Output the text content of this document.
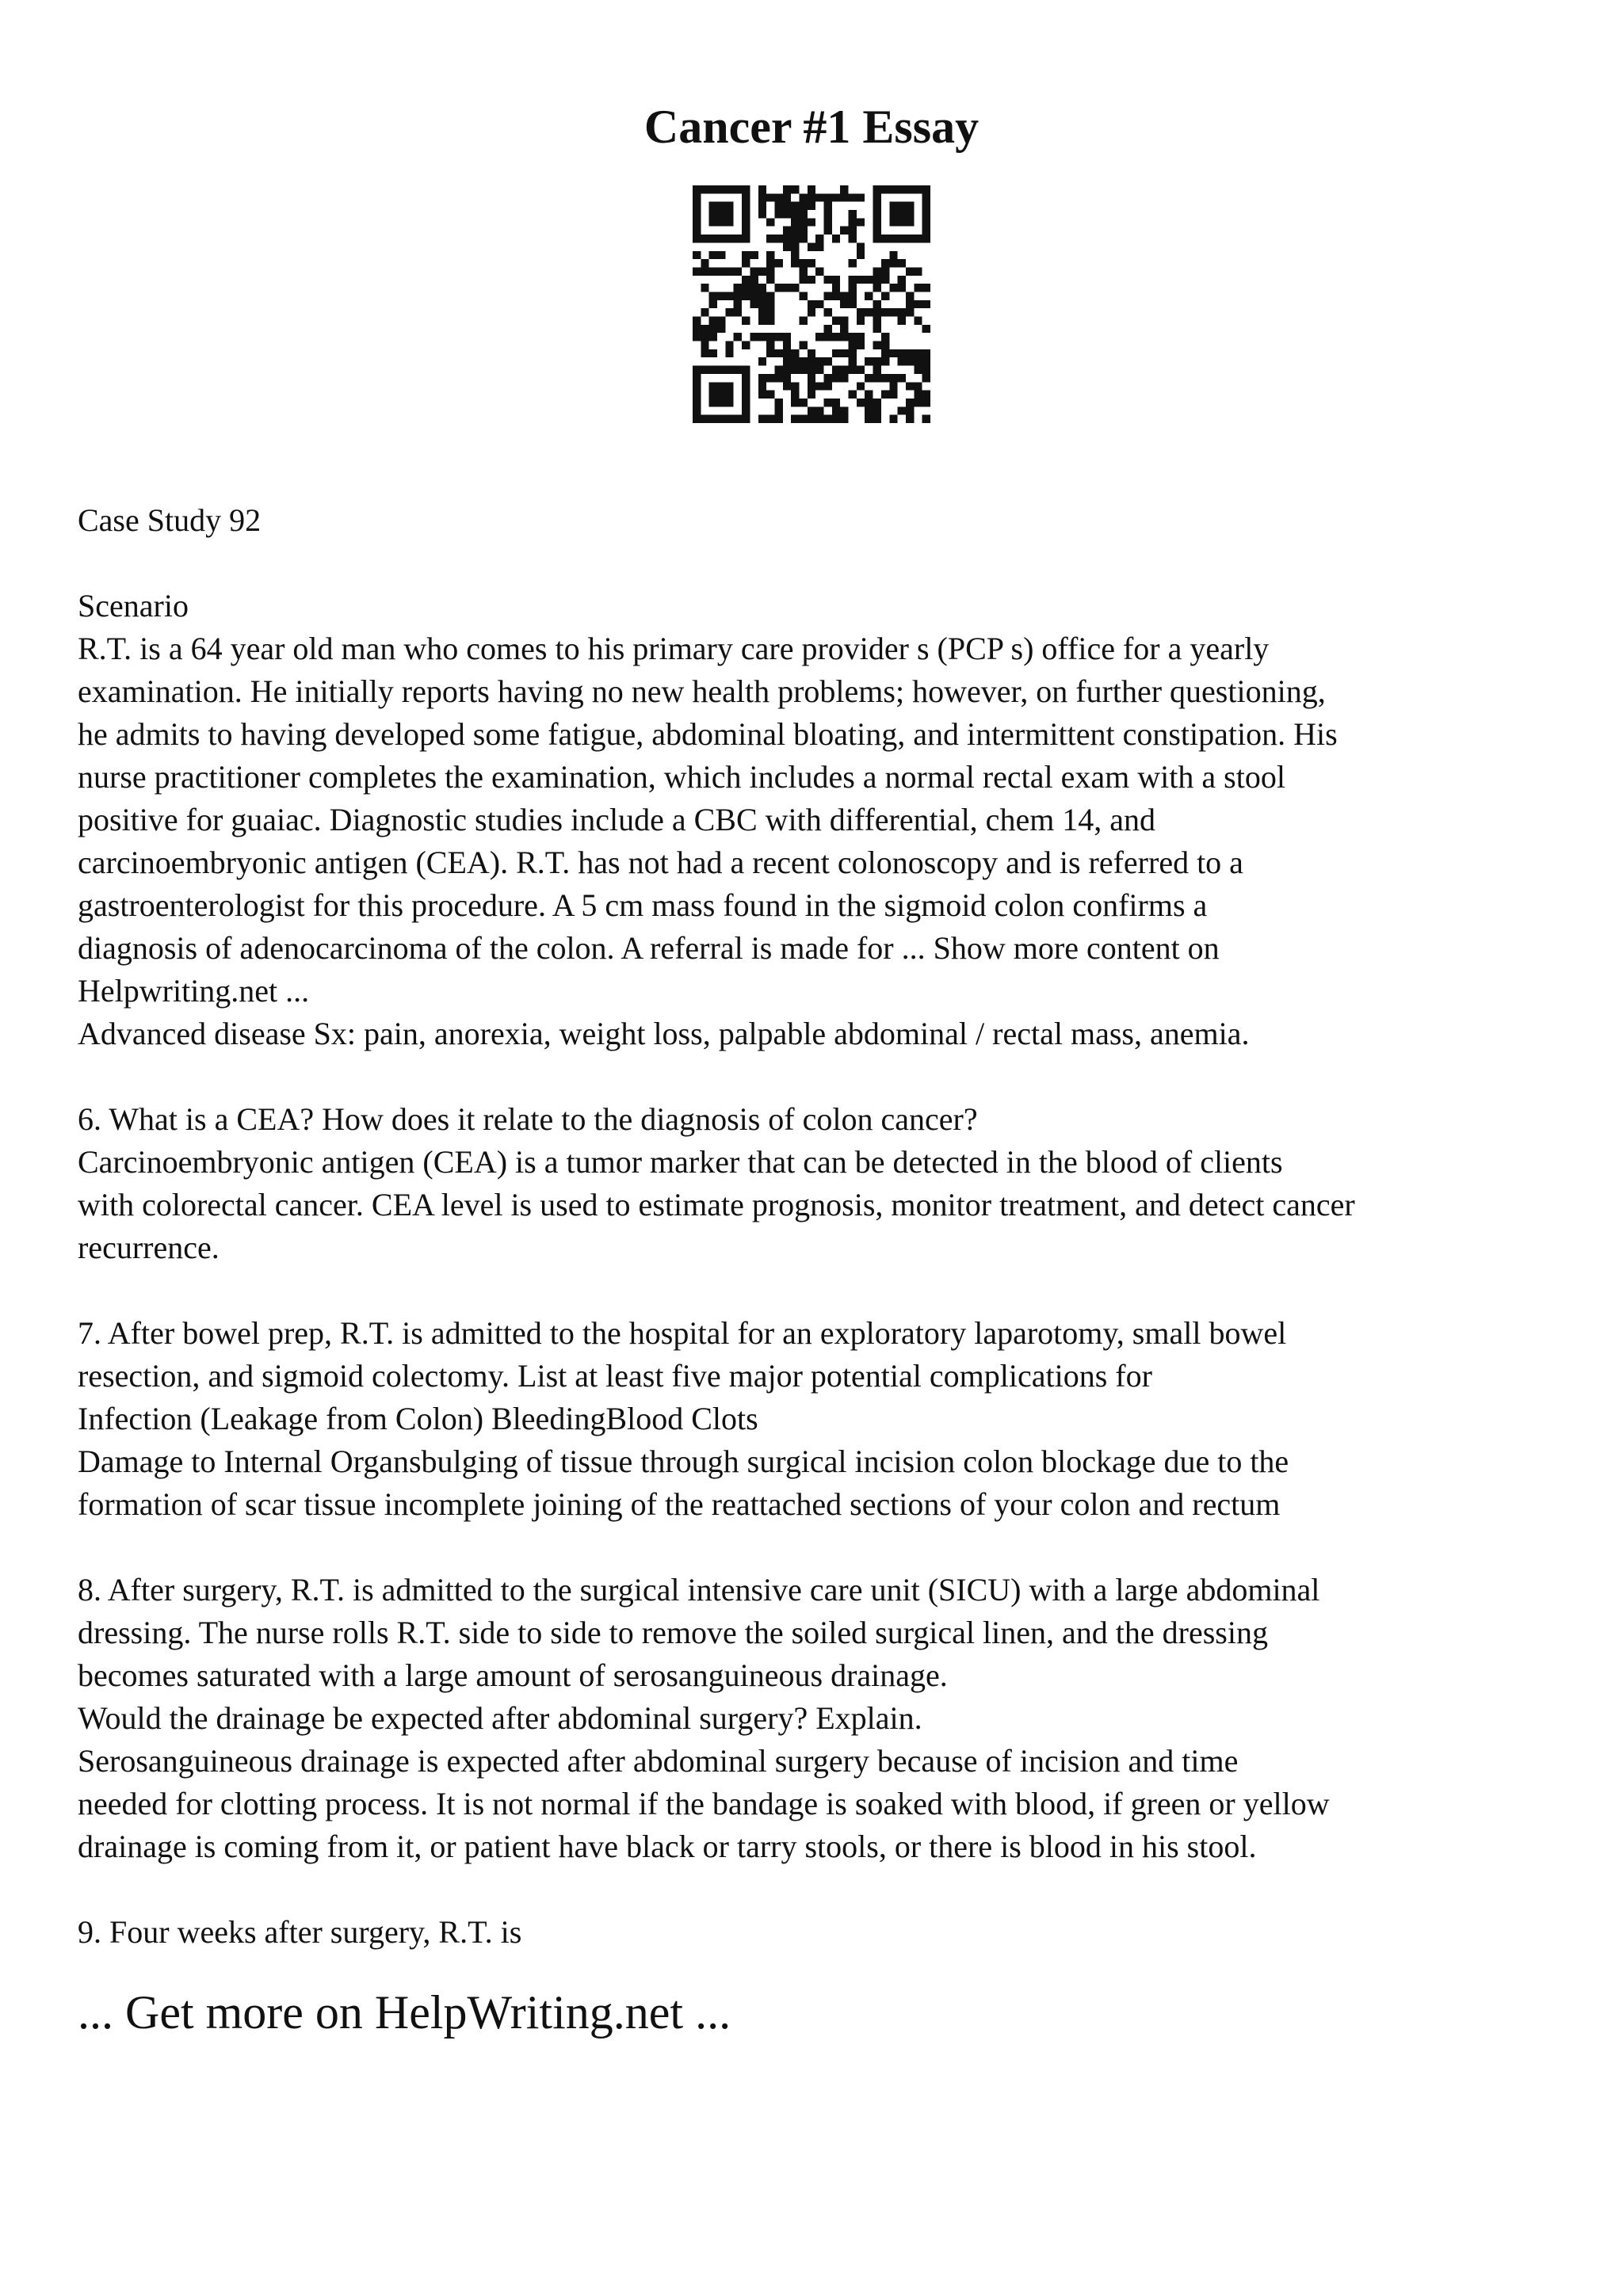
Cancer #1 Essay
Case Study 92
Scenario
R.T. is a 64 year old man who comes to his primary care provider s (PCP s) office for a yearly
examination. He initially reports having no new health problems; however, on further questioning,
he admits to having developed some fatigue, abdominal bloating, and intermittent constipation. His
nurse practitioner completes the examination, which includes a normal rectal exam with a stool
positive for guaiac. Diagnostic studies include a CBC with differential, chem 14, and
carcinoembryonic antigen (CEA). R.T. has not had a recent colonoscopy and is referred to a
gastroenterologist for this procedure. A 5 cm mass found in the sigmoid colon confirms a
diagnosis of adenocarcinoma of the colon. A referral is made for ... Show more content on
Helpwriting.net ...
Advanced disease Sx: pain, anorexia, weight loss, palpable abdominal / rectal mass, anemia.
6. What is a CEA? How does it relate to the diagnosis of colon cancer?
Carcinoembryonic antigen (CEA) is a tumor marker that can be detected in the blood of clients
with colorectal cancer. CEA level is used to estimate prognosis, monitor treatment, and detect cancer
recurrence.
7. After bowel prep, R.T. is admitted to the hospital for an exploratory laparotomy, small bowel
resection, and sigmoid colectomy. List at least five major potential complications for
Infection (Leakage from Colon) BleedingBlood Clots
Damage to Internal Organsbulging of tissue through surgical incision colon blockage due to the
formation of scar tissue incomplete joining of the reattached sections of your colon and rectum
8. After surgery, R.T. is admitted to the surgical intensive care unit (SICU) with a large abdominal
dressing. The nurse rolls R.T. side to side to remove the soiled surgical linen, and the dressing
becomes saturated with a large amount of serosanguineous drainage.
Would the drainage be expected after abdominal surgery? Explain.
Serosanguineous drainage is expected after abdominal surgery because of incision and time
needed for clotting process. It is not normal if the bandage is soaked with blood, if green or yellow
drainage is coming from it, or patient have black or tarry stools, or there is blood in his stool.
9. Four weeks after surgery, R.T. is
... Get more on HelpWriting.net ...
